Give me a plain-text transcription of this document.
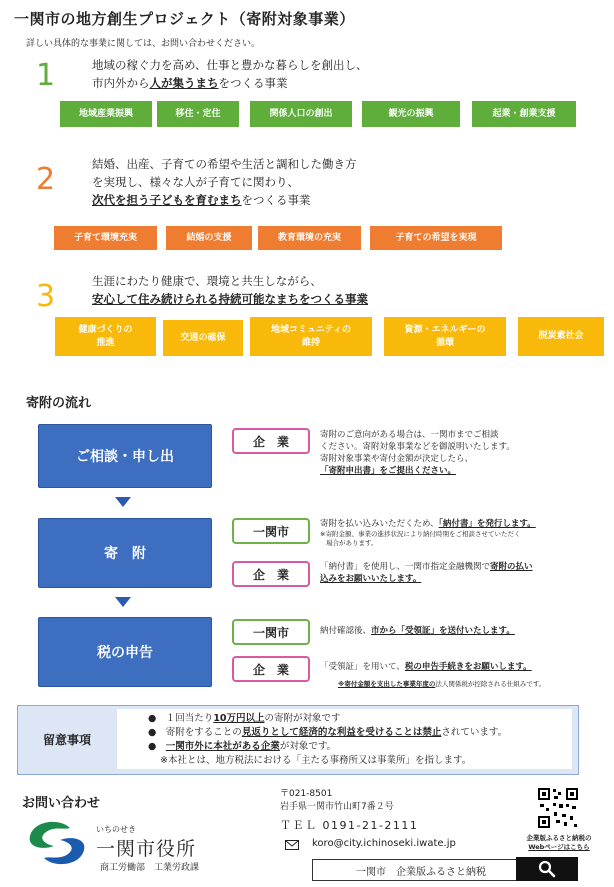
一関市の地方創生プロジェクト（寄附対象事業）
詳しい具体的な事業に関しては、お問い合わせください。
1	地域の稼ぐ力を高め、仕事と豊かな暮らしを創出し、
市内外から人が集うまちをつくる事業
地域産業振興	移住・定住	関係人口の創出	観光の振興	起業・創業支援
2	結婚、出産、子育ての希望や生活と調和した働き方
を実現し、様々な人が子育てに関わり、
次代を担う子どもを育むまちをつくる事業
子育て環境充実	結婚の支援	教育環境の充実	子育ての希望を実現
3	生涯にわたり健康で、環境と共生しながら、
安心して住み続けられる持続可能なまちをつくる事業
健康づくりの
推進	交通の確保
地域コミュニティの
維持
資源・エネルギーの
循環
脱炭素社会
寄附の流れ
ご相談・申し出
寄　附
税の申告
企　業	寄附のご意向がある場合は、一関市までご相談
ください。寄附対象事業などを御説明いたします。
寄附対象事業や寄付金額が決定したら、
「寄附申出書」をご提出ください。
一関市
寄附を払い込みいただくため、「納付書」を発行します。
※寄附金額、事業の進捗状況により納付時期をご相談させていただく
場合があります。
企　業
「納付書」を使用し、一関市指定金融機関で寄附の払い
込みをお願いいたします。
一関市	納付確認後、市から「受領証」を送付いたします。
企　業	「受領証」を用いて、税の申告手続きをお願いします。
※寄付金額を支出した事業年度の法人関係税が控除される仕組みです。
留意事項
●　１回当たり10万円以上の寄附が対象です
●　寄附をすることの見返りとして経済的な利益を受けることは禁止されています。
●　一関市外に本社がある企業が対象です。
※本社とは、地方税法における「主たる事務所又は事業所」を指します。
お問い合わせ
いちのせき
一関市役所
商工労働部　工業労政課
〒021-8501
岩手県一関市竹山町7番２号
ＴＥＬ 0191-21-2111
koro@city.ichinoseki.iwate.jp	企業版ふるさと納税の
Webページはこちら
一関市　企業版ふるさと納税
